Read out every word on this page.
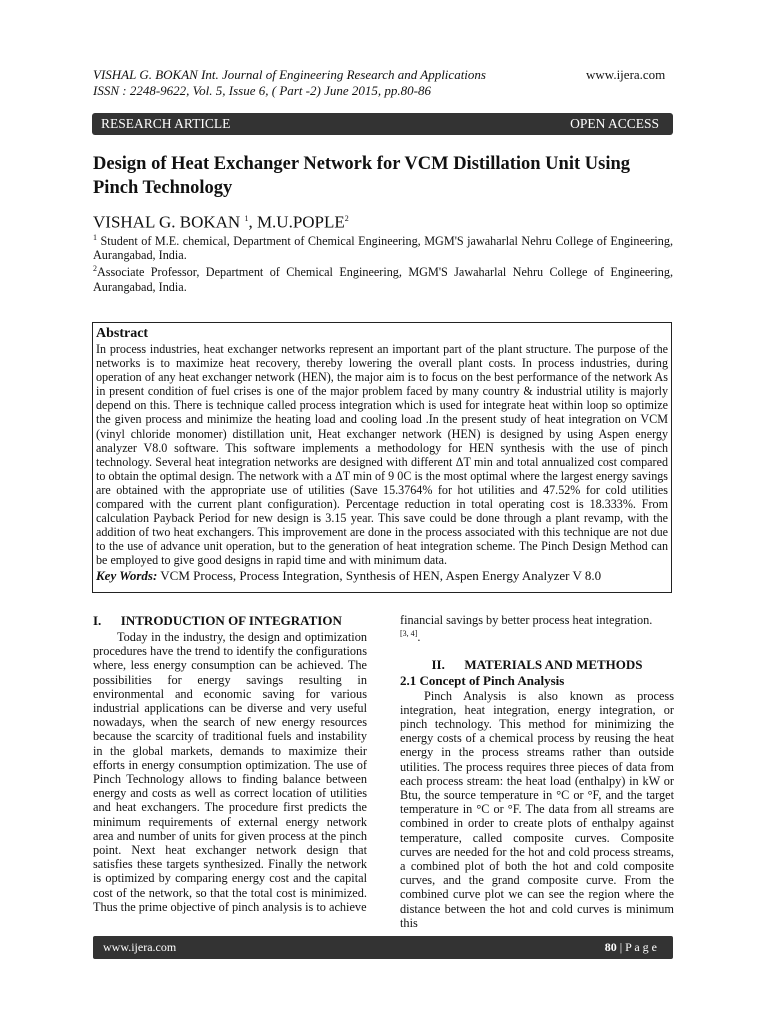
VISHAL G. BOKAN Int. Journal of Engineering Research and Applications
ISSN : 2248-9622, Vol. 5, Issue 6, ( Part -2) June 2015, pp.80-86
www.ijera.com
RESEARCH ARTICLE	OPEN ACCESS
Design of Heat Exchanger Network for VCM Distillation Unit Using Pinch Technology
VISHAL G. BOKAN $^1$, M.U.POPLE$^2$
$^1$ Student of M.E. chemical, Department of Chemical Engineering, MGM'S jawaharlal Nehru College of Engineering, Aurangabad, India.
$^2$Associate Professor, Department of Chemical Engineering, MGM'S Jawaharlal Nehru College of Engineering, Aurangabad, India.
Abstract
In process industries, heat exchanger networks represent an important part of the plant structure. The purpose of the networks is to maximize heat recovery, thereby lowering the overall plant costs. In process industries, during operation of any heat exchanger network (HEN), the major aim is to focus on the best performance of the network As in present condition of fuel crises is one of the major problem faced by many country & industrial utility is majorly depend on this. There is technique called process integration which is used for integrate heat within loop so optimize the given process and minimize the heating load and cooling load .In the present study of heat integration on VCM (vinyl chloride monomer) distillation unit, Heat exchanger network (HEN) is designed by using Aspen energy analyzer V8.0 software. This software implements a methodology for HEN synthesis with the use of pinch technology. Several heat integration networks are designed with different ΔT min and total annualized cost compared to obtain the optimal design. The network with a ΔT min of 9 0C is the most optimal where the largest energy savings are obtained with the appropriate use of utilities (Save 15.3764% for hot utilities and 47.52% for cold utilities compared with the current plant configuration). Percentage reduction in total operating cost is 18.333%. From calculation Payback Period for new design is 3.15 year. This save could be done through a plant revamp, with the addition of two heat exchangers. This improvement are done in the process associated with this technique are not due to the use of advance unit operation, but to the generation of heat integration scheme. The Pinch Design Method can be employed to give good designs in rapid time and with minimum data.
Key Words: VCM Process, Process Integration, Synthesis of HEN, Aspen Energy Analyzer V 8.0
I.      INTRODUCTION OF INTEGRATION
Today in the industry, the design and optimization procedures have the trend to identify the configurations where, less energy consumption can be achieved. The possibilities for energy savings resulting in environmental and economic saving for various industrial applications can be diverse and very useful nowadays, when the search of new energy resources because the scarcity of traditional fuels and instability in the global markets, demands to maximize their efforts in energy consumption optimization. The use of Pinch Technology allows to finding balance between energy and costs as well as correct location of utilities and heat exchangers. The procedure first predicts the minimum requirements of external energy network area and number of units for given process at the pinch point. Next heat exchanger network design that satisfies these targets synthesized. Finally the network is optimized by comparing energy cost and the capital cost of the network, so that the total cost is minimized. Thus the prime objective of pinch analysis is to achieve
financial savings by better process heat integration.
[3, 4].
II.      MATERIALS AND METHODS
2.1 Concept of Pinch Analysis
Pinch Analysis is also known as process integration, heat integration, energy integration, or pinch technology. This method for minimizing the energy costs of a chemical process by reusing the heat energy in the process streams rather than outside utilities. The process requires three pieces of data from each process stream: the heat load (enthalpy) in kW or Btu, the source temperature in °C or °F, and the target temperature in °C or °F. The data from all streams are combined in order to create plots of enthalpy against temperature, called composite curves. Composite curves are needed for the hot and cold process streams, a combined plot of both the hot and cold composite curves, and the grand composite curve. From the combined curve plot we can see the region where the distance between the hot and cold curves is minimum this
www.ijera.com	80 | P a g e
